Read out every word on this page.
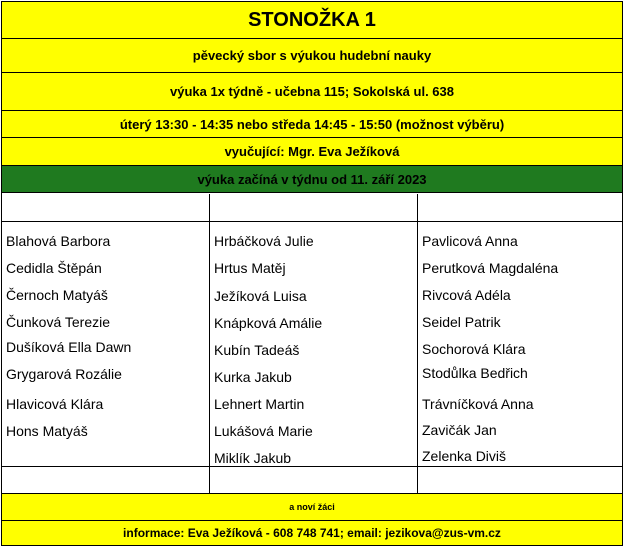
STONOŽKA 1
pěvecký sbor s výukou hudební nauky
výuka 1x týdně - učebna 115; Sokolská ul. 638
úterý 13:30 - 14:35 nebo středa 14:45 - 15:50 (možnost výběru)
vyučující: Mgr. Eva Ježíková
výuka začíná v týdnu od 11. září 2023
Blahová Barbora
Cedidla Štěpán
Černoch Matyáš
Čunková Terezie
Dušíková Ella Dawn
Grygarová Rozálie
Hlavicová Klára
Hons Matyáš
Hrbáčková Julie
Hrtus Matěj
Ježíková Luisa
Knápková Amálie
Kubín Tadeáš
Kurka Jakub
Lehnert Martin
Lukášová Marie
Miklík Jakub
Pavlicová Anna
Perutková Magdaléna
Rivcová Adéla
Seidel Patrik
Sochorová Klára
Stodůlka Bedřich
Trávníčková Anna
Zavičák Jan
Zelenka Diviš
a noví žáci
informace: Eva Ježíková - 608 748 741; email: jezikova@zus-vm.cz
